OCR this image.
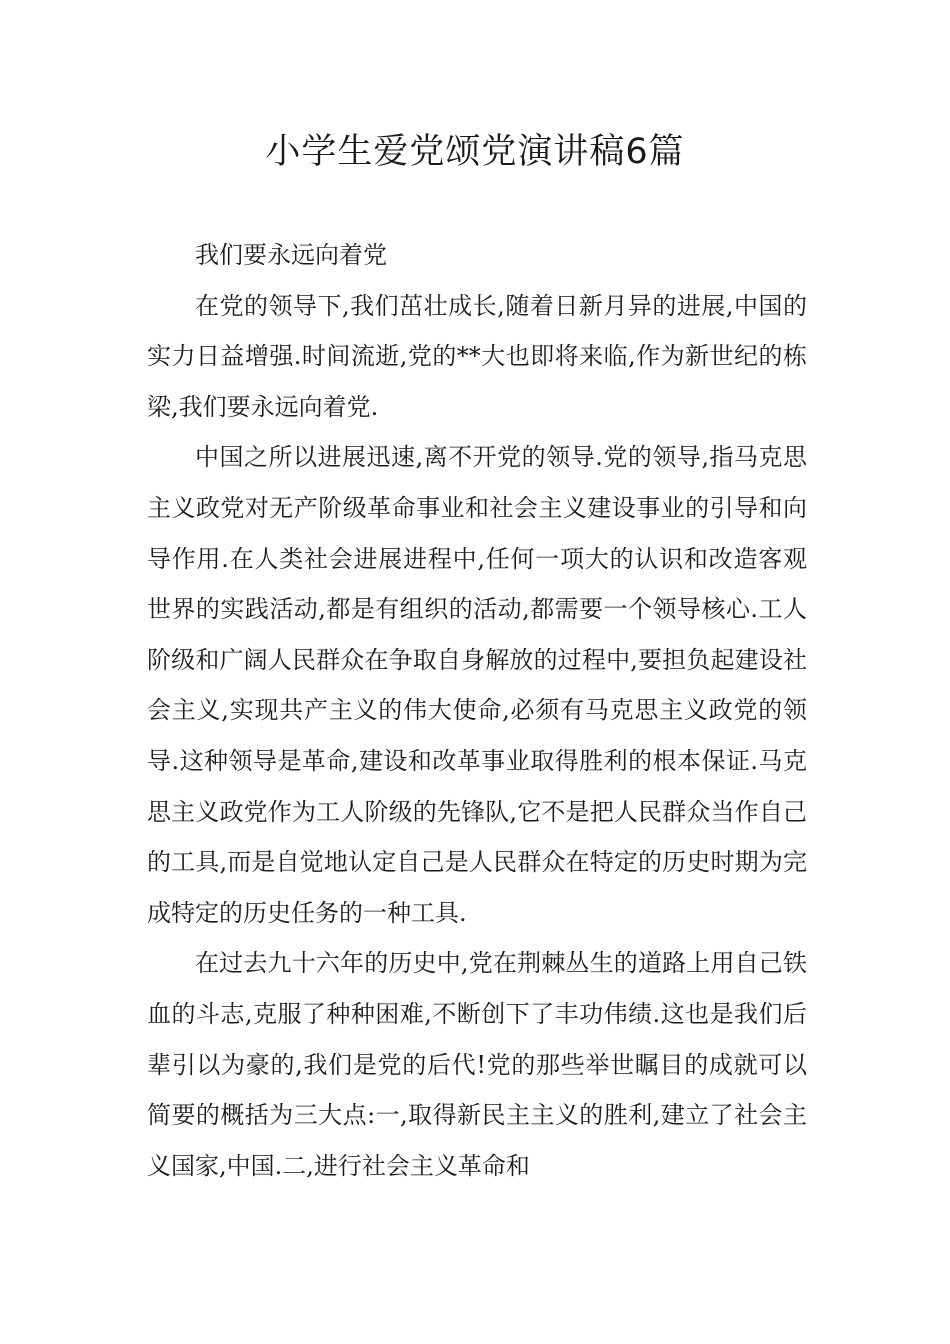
小学生爱党颂党演讲稿6篇

我们要永远向着党

在党的领导下,我们茁壮成长,随着日新月异的进展,中国的实力日益增强.时间流逝,党的**大也即将来临,作为新世纪的栋梁,我们要永远向着党.

中国之所以进展迅速,离不开党的领导.党的领导,指马克思主义政党对无产阶级革命事业和社会主义建设事业的引导和向导作用.在人类社会进展进程中,任何一项大的认识和改造客观世界的实践活动,都是有组织的活动,都需要一个领导核心.工人阶级和广阔人民群众在争取自身解放的过程中,要担负起建设社会主义,实现共产主义的伟大使命,必须有马克思主义政党的领导.这种领导是革命,建设和改革事业取得胜利的根本保证.马克思主义政党作为工人阶级的先锋队,它不是把人民群众当作自己的工具,而是自觉地认定自己是人民群众在特定的历史时期为完成特定的历史任务的一种工具.

在过去九十六年的历史中,党在荆棘丛生的道路上用自己铁血的斗志,克服了种种困难,不断创下了丰功伟绩.这也是我们后辈引以为豪的,我们是党的后代!党的那些举世瞩目的成就可以简要的概括为三大点:一,取得新民主主义的胜利,建立了社会主义国家,中国.二,进行社会主义革命和
